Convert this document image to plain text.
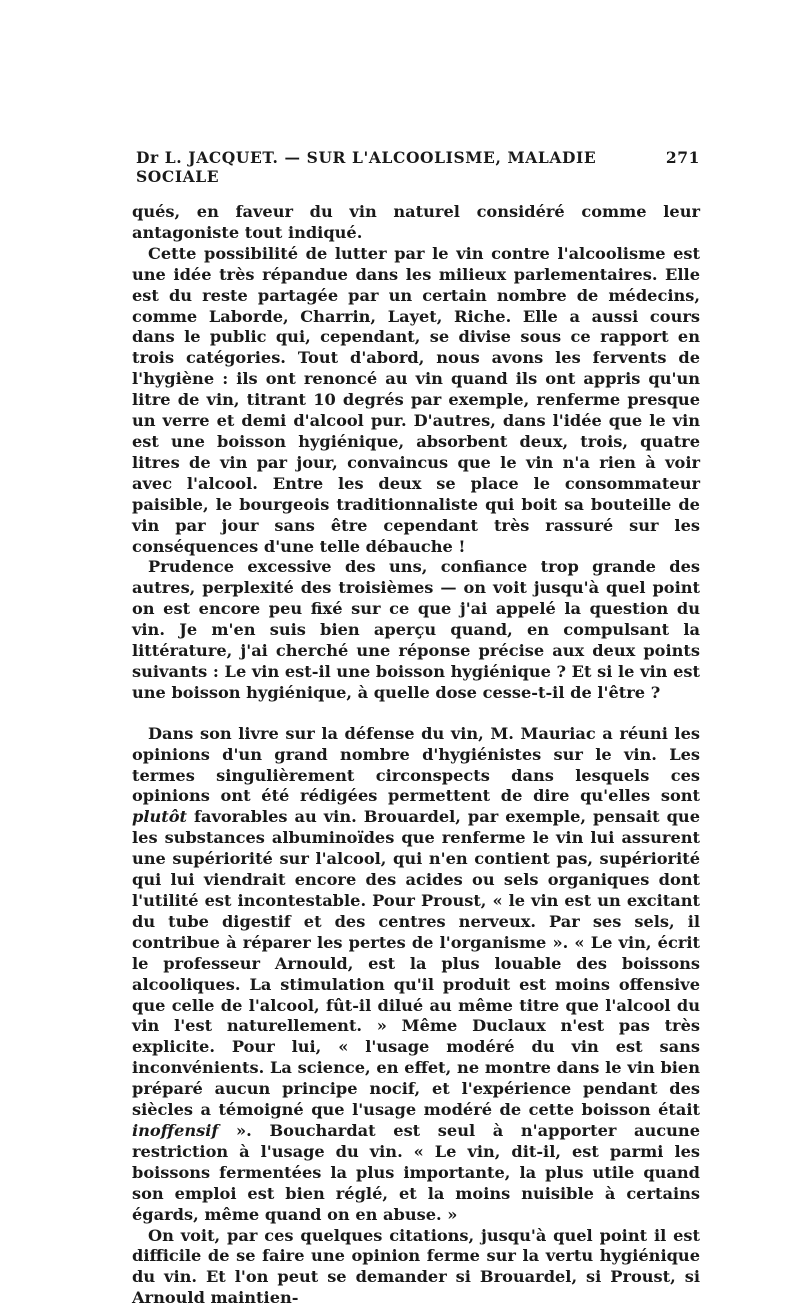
Dr L. JACQUET. — SUR L'ALCOOLISME, MALADIE SOCIALE
271

qués, en faveur du vin naturel considéré comme leur antagoniste tout indiqué.

Cette possibilité de lutter par le vin contre l'alcoolisme est une idée très répandue dans les milieux parlementaires. Elle est du reste partagée par un certain nombre de médecins, comme Laborde, Charrin, Layet, Riche. Elle a aussi cours dans le public qui, cependant, se divise sous ce rapport en trois catégories. Tout d'abord, nous avons les fervents de l'hygiène : ils ont renoncé au vin quand ils ont appris qu'un litre de vin, titrant 10 degrés par exemple, renferme presque un verre et demi d'alcool pur. D'autres, dans l'idée que le vin est une boisson hygiénique, absorbent deux, trois, quatre litres de vin par jour, convaincus que le vin n'a rien à voir avec l'alcool. Entre les deux se place le consommateur paisible, le bourgeois traditionnaliste qui boit sa bouteille de vin par jour sans être cependant très rassuré sur les conséquences d'une telle débauche !

Prudence excessive des uns, confiance trop grande des autres, perplexité des troisièmes — on voit jusqu'à quel point on est encore peu fixé sur ce que j'ai appelé la question du vin. Je m'en suis bien aperçu quand, en compulsant la littérature, j'ai cherché une réponse précise aux deux points suivants : Le vin est-il une boisson hygiénique ? Et si le vin est une boisson hygiénique, à quelle dose cesse-t-il de l'être ?

Dans son livre sur la défense du vin, M. Mauriac a réuni les opinions d'un grand nombre d'hygiénistes sur le vin. Les termes singulièrement circonspects dans lesquels ces opinions ont été rédigées permettent de dire qu'elles sont plutôt favorables au vin. Brouardel, par exemple, pensait que les substances albuminoïdes que renferme le vin lui assurent une supériorité sur l'alcool, qui n'en contient pas, supériorité qui lui viendrait encore des acides ou sels organiques dont l'utilité est incontestable. Pour Proust, « le vin est un excitant du tube digestif et des centres nerveux. Par ses sels, il contribue à réparer les pertes de l'organisme ». « Le vin, écrit le professeur Arnould, est la plus louable des boissons alcooliques. La stimulation qu'il produit est moins offensive que celle de l'alcool, fût-il dilué au même titre que l'alcool du vin l'est naturellement. » Même Duclaux n'est pas très explicite. Pour lui, « l'usage modéré du vin est sans inconvénients. La science, en effet, ne montre dans le vin bien préparé aucun principe nocif, et l'expérience pendant des siècles a témoigné que l'usage modéré de cette boisson était inoffensif ». Bouchardat est seul à n'apporter aucune restriction à l'usage du vin. « Le vin, dit-il, est parmi les boissons fermentées la plus importante, la plus utile quand son emploi est bien réglé, et la moins nuisible à certains égards, même quand on en abuse. »

On voit, par ces quelques citations, jusqu'à quel point il est difficile de se faire une opinion ferme sur la vertu hygiénique du vin. Et l'on peut se demander si Brouardel, si Proust, si Arnould maintien-
